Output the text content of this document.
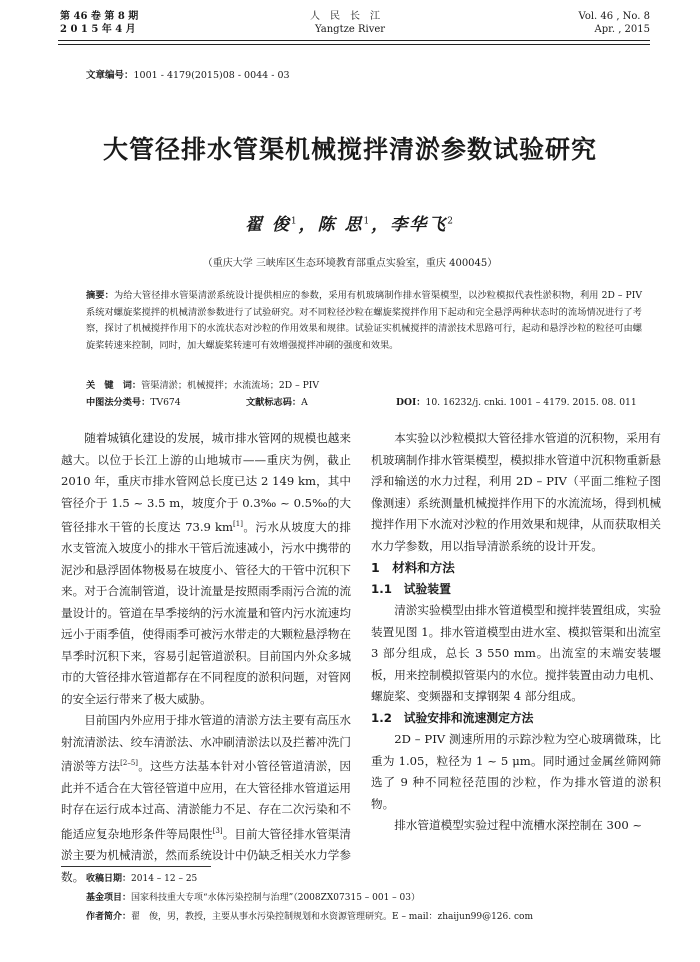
第 46 卷 第 8 期
2 0 1 5 年 4 月
人民长江
Yangtze River
Vol. 46 , No. 8
Apr. , 2015
文章编号：1001 - 4179(2015)08 - 0044 - 03
大管径排水管渠机械搅拌清淤参数试验研究
翟 俊$^1$，陈 思$^1$，李华飞$^2$
（重庆大学 三峡库区生态环境教育部重点实验室，重庆 400045）
摘要：为给大管径排水管渠清淤系统设计提供相应的参数，采用有机玻璃制作排水管渠模型，以沙粒模拟代表性淤积物，利用 2D – PIV 系统对螺旋桨搅拌的机械清淤参数进行了试验研究。对不同粒径沙粒在螺旋桨搅拌作用下起动和完全悬浮两种状态时的流场情况进行了考察，探讨了机械搅拌作用下的水流状态对沙粒的作用效果和规律。试验证实机械搅拌的清淤技术思路可行，起动和悬浮沙粒的粒径可由螺旋桨转速来控制，同时，加大螺旋桨转速可有效增强搅拌冲刷的强度和效果。
关　键　词：管渠清淤；机械搅拌；水流流场；2D – PIV
中图法分类号：TV674	文献标志码：A	DOI：10. 16232/j. cnki. 1001 – 4179. 2015. 08. 011

随着城镇化建设的发展，城市排水管网的规模也越来越大。以位于长江上游的山地城市——重庆为例，截止 2010 年，重庆市排水管网总长度已达 2 149 km，其中管径介于 1.5 ~ 3.5 m，坡度介于 0.3‰ ~ 0.5‰的大管径排水干管的长度达 73.9 km[1]。污水从坡度大的排水支管流入坡度小的排水干管后流速减小，污水中携带的泥沙和悬浮固体物极易在坡度小、管径大的干管中沉积下来。对于合流制管道，设计流量是按照雨季雨污合流的流量设计的。管道在旱季接纳的污水流量和管内污水流速均远小于雨季值，使得雨季可被污水带走的大颗粒悬浮物在旱季时沉积下来，容易引起管道淤积。目前国内外众多城市的大管径排水管道都存在不同程度的淤积问题，对管网的安全运行带来了极大威胁。

目前国内外应用于排水管道的清淤方法主要有高压水射流清淤法、绞车清淤法、水冲刷清淤法以及拦蓄冲洗门清淤等方法[2–5]。这些方法基本针对小管径管道清淤，因此并不适合在大管径管道中应用，在大管径排水管道运用时存在运行成本过高、清淤能力不足、存在二次污染和不能适应复杂地形条件等局限性[3]。目前大管径排水管渠清淤主要为机械清淤，然而系统设计中仍缺乏相关水力学参数。

本实验以沙粒模拟大管径排水管道的沉积物，采用有机玻璃制作排水管渠模型，模拟排水管道中沉积物重新悬浮和输送的水力过程，利用 2D – PIV（平面二维粒子图像测速）系统测量机械搅拌作用下的水流流场，得到机械搅拌作用下水流对沙粒的作用效果和规律，从而获取相关水力学参数，用以指导清淤系统的设计开发。

1　材料和方法

1.1　试验装置

清淤实验模型由排水管道模型和搅拌装置组成，实验装置见图 1。排水管道模型由进水室、模拟管渠和出流室 3 部分组成，总长 3 550 mm。出流室的末端安装堰板，用来控制模拟管渠内的水位。搅拌装置由动力电机、螺旋桨、变频器和支撑钢架 4 部分组成。

1.2　试验安排和流速测定方法

2D – PIV 测速所用的示踪沙粒为空心玻璃微珠，比重为 1.05，粒径为 1 ~ 5 μm。同时通过金属丝筛网筛选了 9 种不同粒径范围的沙粒，作为排水管道的淤积物。

排水管道模型实验过程中流槽水深控制在 300 ~

收稿日期：2014 – 12 – 25
基金项目：国家科技重大专项“水体污染控制与治理”（2008ZX07315 – 001 – 03）
作者简介：翟　俊，男，教授，主要从事水污染控制规划和水资源管理研究。E – mail：zhaijun99@126. com
